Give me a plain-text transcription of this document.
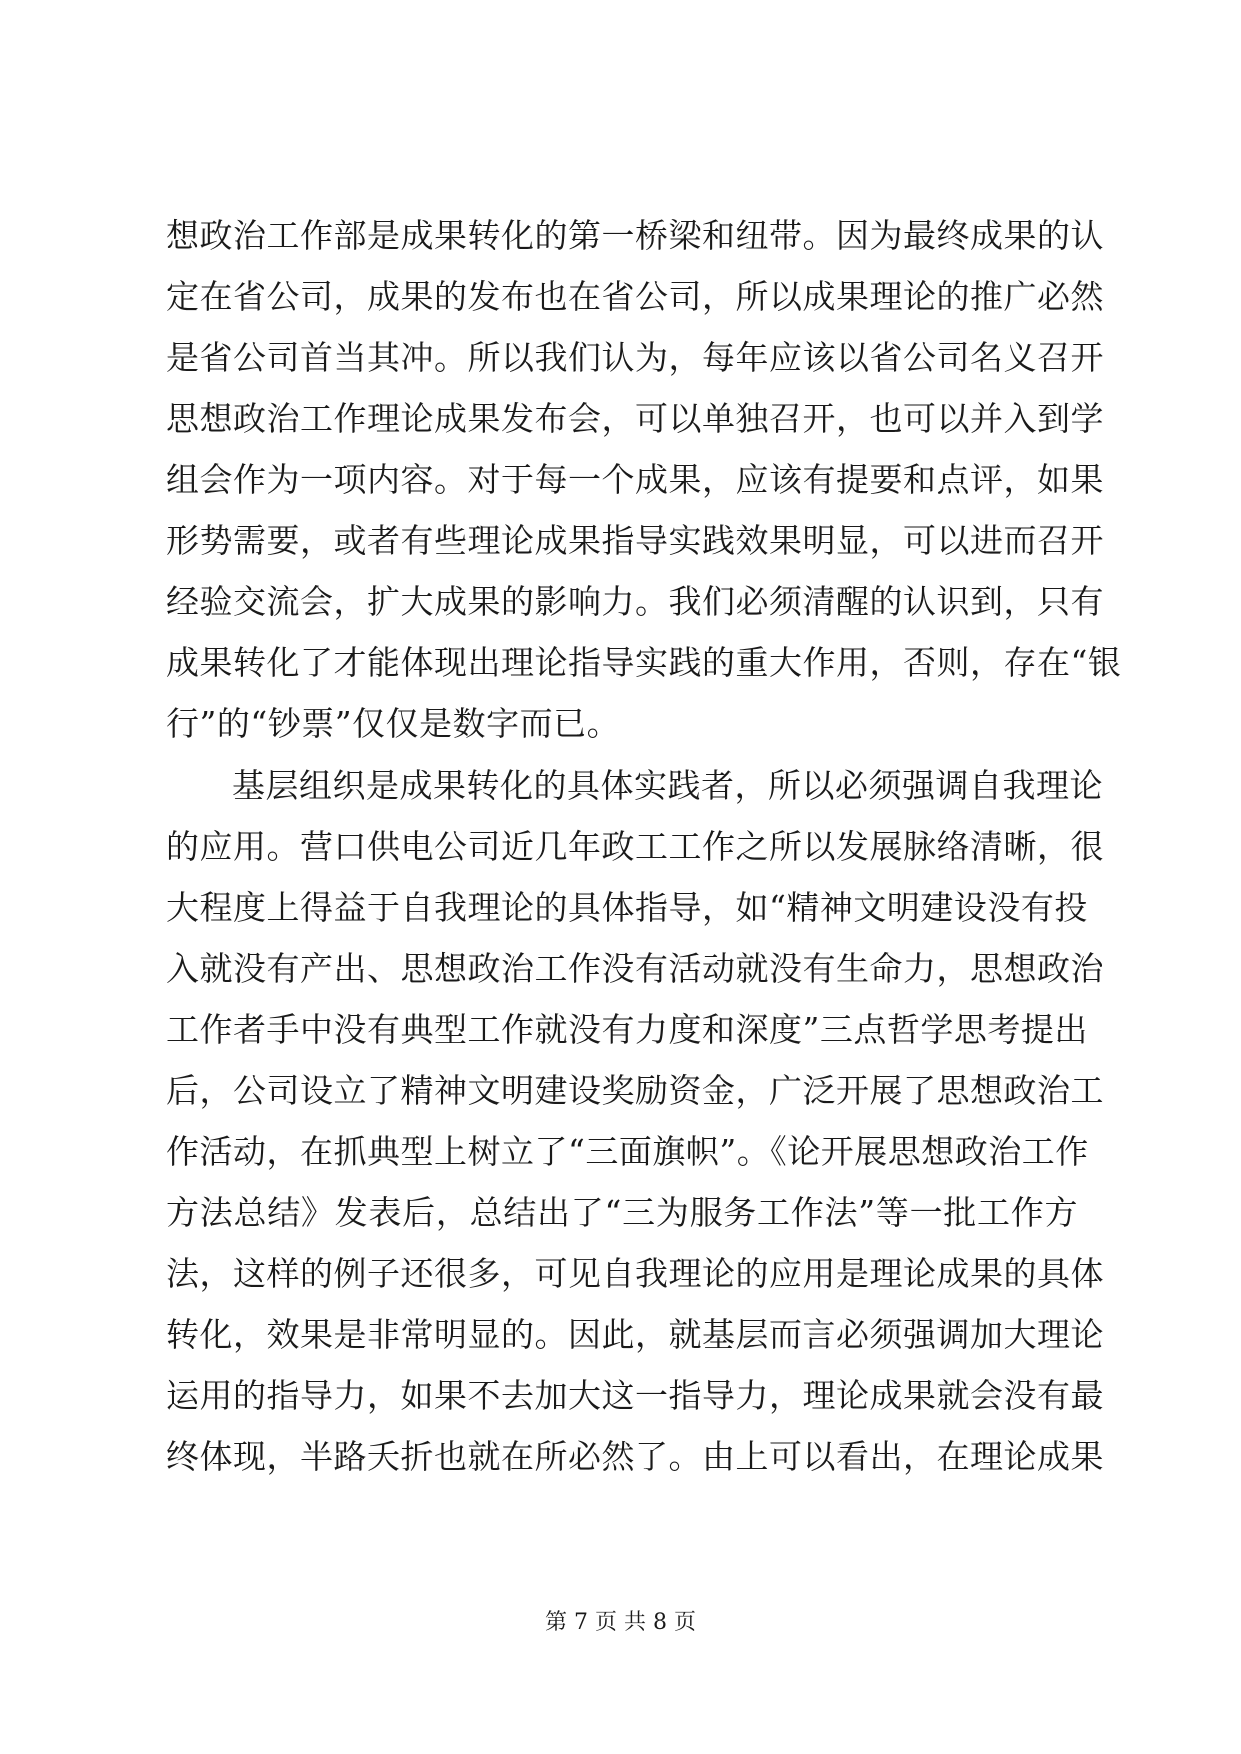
想政治工作部是成果转化的第一桥梁和纽带。因为最终成果的认
定在省公司，成果的发布也在省公司，所以成果理论的推广必然
是省公司首当其冲。所以我们认为，每年应该以省公司名义召开
思想政治工作理论成果发布会，可以单独召开，也可以并入到学
组会作为一项内容。对于每一个成果，应该有提要和点评，如果
形势需要，或者有些理论成果指导实践效果明显，可以进而召开
经验交流会，扩大成果的影响力。我们必须清醒的认识到，只有
成果转化了才能体现出理论指导实践的重大作用，否则，存在“银
行”的“钞票”仅仅是数字而已。
基层组织是成果转化的具体实践者，所以必须强调自我理论
的应用。营口供电公司近几年政工工作之所以发展脉络清晰，很
大程度上得益于自我理论的具体指导，如“精神文明建设没有投
入就没有产出、思想政治工作没有活动就没有生命力，思想政治
工作者手中没有典型工作就没有力度和深度”三点哲学思考提出
后，公司设立了精神文明建设奖励资金，广泛开展了思想政治工
作活动，在抓典型上树立了“三面旗帜”。《论开展思想政治工作
方法总结》发表后，总结出了“三为服务工作法”等一批工作方
法，这样的例子还很多，可见自我理论的应用是理论成果的具体
转化，效果是非常明显的。因此，就基层而言必须强调加大理论
运用的指导力，如果不去加大这一指导力，理论成果就会没有最
终体现，半路夭折也就在所必然了。由上可以看出，在理论成果
第 7 页 共 8 页
